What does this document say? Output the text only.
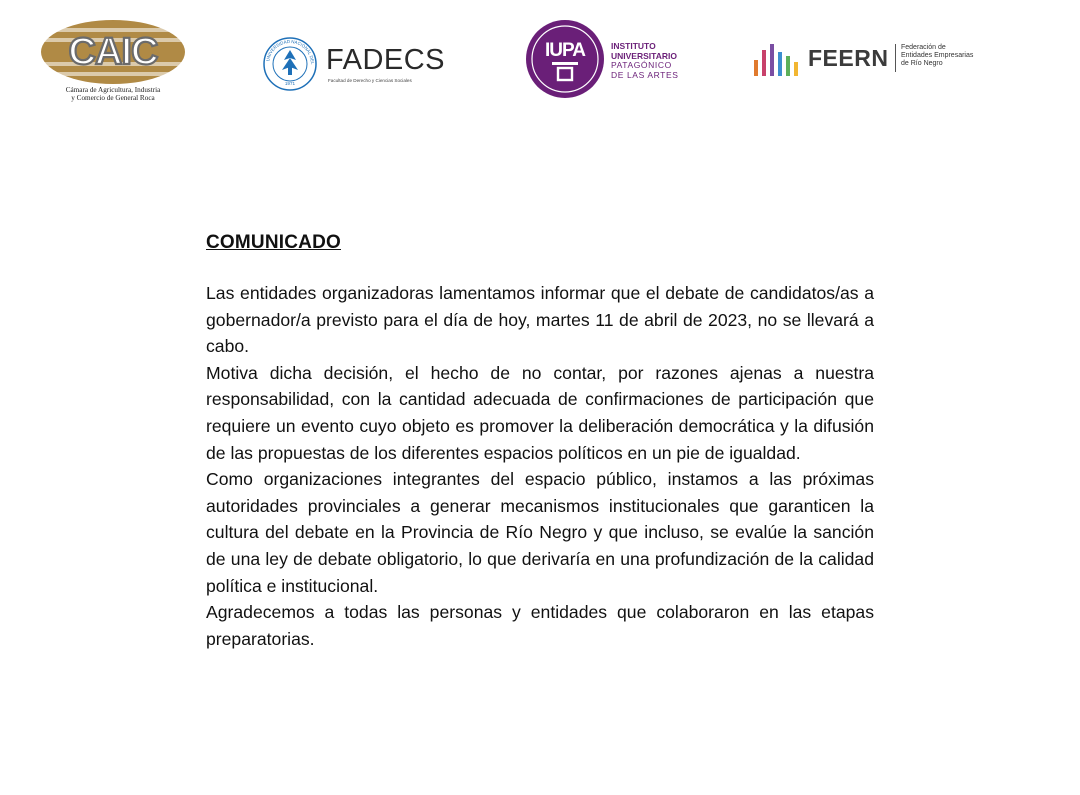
CAIC
Cámara de Agricultura, Industria
y Comercio de General Roca
UNIVERSIDAD NACIONAL DEL
1971
FADECS
Facultad de Derecho y Ciencias Sociales
IUPA	INSTITUTO
UNIVERSITARIO
PATAGÓNICO
DE LAS ARTES
FEERN Federación de
Entidades Empresarias
de Río Negro
COMUNICADO

Las entidades organizadoras lamentamos informar que el debate de candidatos/as a gobernador/a previsto para el día de hoy, martes 11 de abril de 2023, no se llevará a cabo.

Motiva dicha decisión, el hecho de no contar, por razones ajenas a nuestra responsabilidad, con la cantidad adecuada de confirmaciones de participación que requiere un evento cuyo objeto es promover la deliberación democrática y la difusión de las propuestas de los diferentes espacios políticos en un pie de igualdad.

Como organizaciones integrantes del espacio público, instamos a las próximas autoridades provinciales a generar mecanismos institucionales que garanticen la cultura del debate en la Provincia de Río Negro y que incluso, se evalúe la sanción de una ley de debate obligatorio, lo que derivaría en una profundización de la calidad política e institucional.

Agradecemos a todas las personas y entidades que colaboraron en las etapas preparatorias.
